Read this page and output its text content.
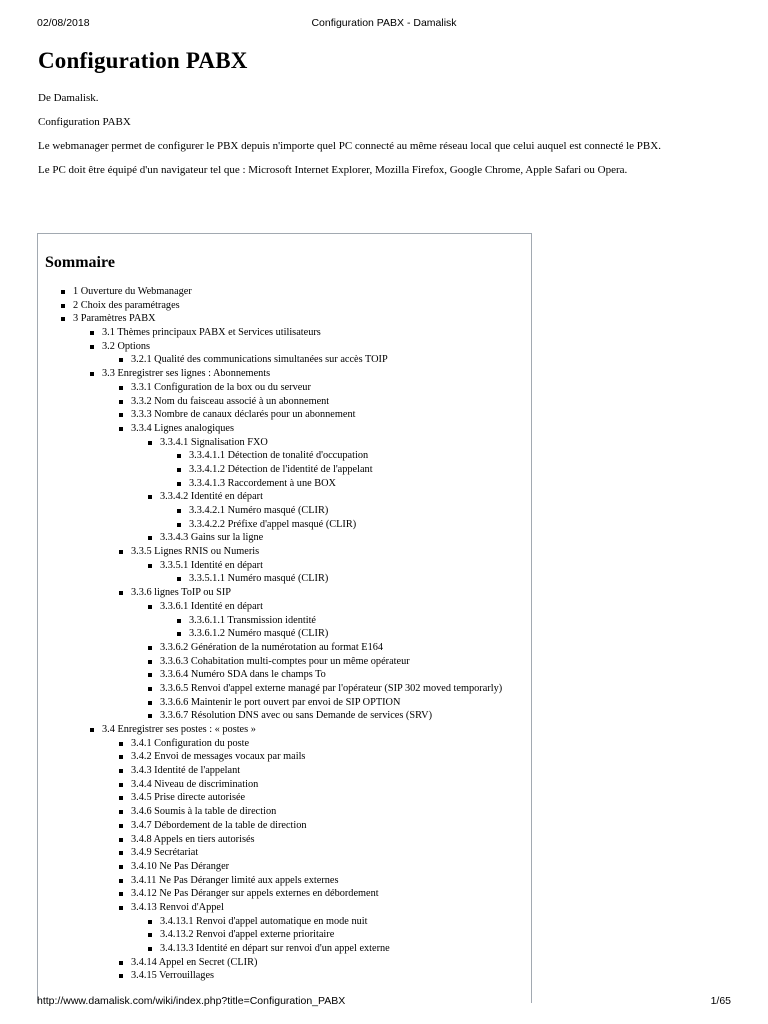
02/08/2018	Configuration PABX - Damalisk
Configuration PABX

De Damalisk.

Configuration PABX

Le webmanager permet de configurer le PBX depuis n'importe quel PC connecté au même réseau local que celui auquel est connecté le PBX.

Le PC doit être équipé d'un navigateur tel que : Microsoft Internet Explorer, Mozilla Firefox, Google Chrome, Apple Safari ou Opera.

Sommaire
1 Ouverture du Webmanager
2 Choix des paramétrages
3 Paramètres PABX
3.1 Thèmes principaux PABX et Services utilisateurs
3.2 Options
3.2.1 Qualité des communications simultanées sur accès TOIP
3.3 Enregistrer ses lignes : Abonnements
3.3.1 Configuration de la box ou du serveur
3.3.2 Nom du faisceau associé à un abonnement
3.3.3 Nombre de canaux déclarés pour un abonnement
3.3.4 Lignes analogiques
3.3.4.1 Signalisation FXO
3.3.4.1.1 Détection de tonalité d'occupation
3.3.4.1.2 Détection de l'identité de l'appelant
3.3.4.1.3 Raccordement à une BOX
3.3.4.2 Identité en départ
3.3.4.2.1 Numéro masqué (CLIR)
3.3.4.2.2 Préfixe d'appel masqué (CLIR)
3.3.4.3 Gains sur la ligne
3.3.5 Lignes RNIS ou Numeris
3.3.5.1 Identité en départ
3.3.5.1.1 Numéro masqué (CLIR)
3.3.6 lignes ToIP ou SIP
3.3.6.1 Identité en départ
3.3.6.1.1 Transmission identité
3.3.6.1.2 Numéro masqué (CLIR)
3.3.6.2 Génération de la numérotation au format E164
3.3.6.3 Cohabitation multi-comptes pour un même opérateur
3.3.6.4 Numéro SDA dans le champs To
3.3.6.5 Renvoi d'appel externe managé par l'opérateur (SIP 302 moved temporarly)
3.3.6.6 Maintenir le port ouvert par envoi de SIP OPTION
3.3.6.7 Résolution DNS avec ou sans Demande de services (SRV)
3.4 Enregistrer ses postes : « postes »
3.4.1 Configuration du poste
3.4.2 Envoi de messages vocaux par mails
3.4.3 Identité de l'appelant
3.4.4 Niveau de discrimination
3.4.5 Prise directe autorisée
3.4.6 Soumis à la table de direction
3.4.7 Débordement de la table de direction
3.4.8 Appels en tiers autorisés
3.4.9 Secrétariat
3.4.10 Ne Pas Déranger
3.4.11 Ne Pas Déranger limité aux appels externes
3.4.12 Ne Pas Déranger sur appels externes en débordement
3.4.13 Renvoi d'Appel
3.4.13.1 Renvoi d'appel automatique en mode nuit
3.4.13.2 Renvoi d'appel externe prioritaire
3.4.13.3 Identité en départ sur renvoi d'un appel externe
3.4.14 Appel en Secret (CLIR)
3.4.15 Verrouillages
http://www.damalisk.com/wiki/index.php?title=Configuration_PABX	1/65
